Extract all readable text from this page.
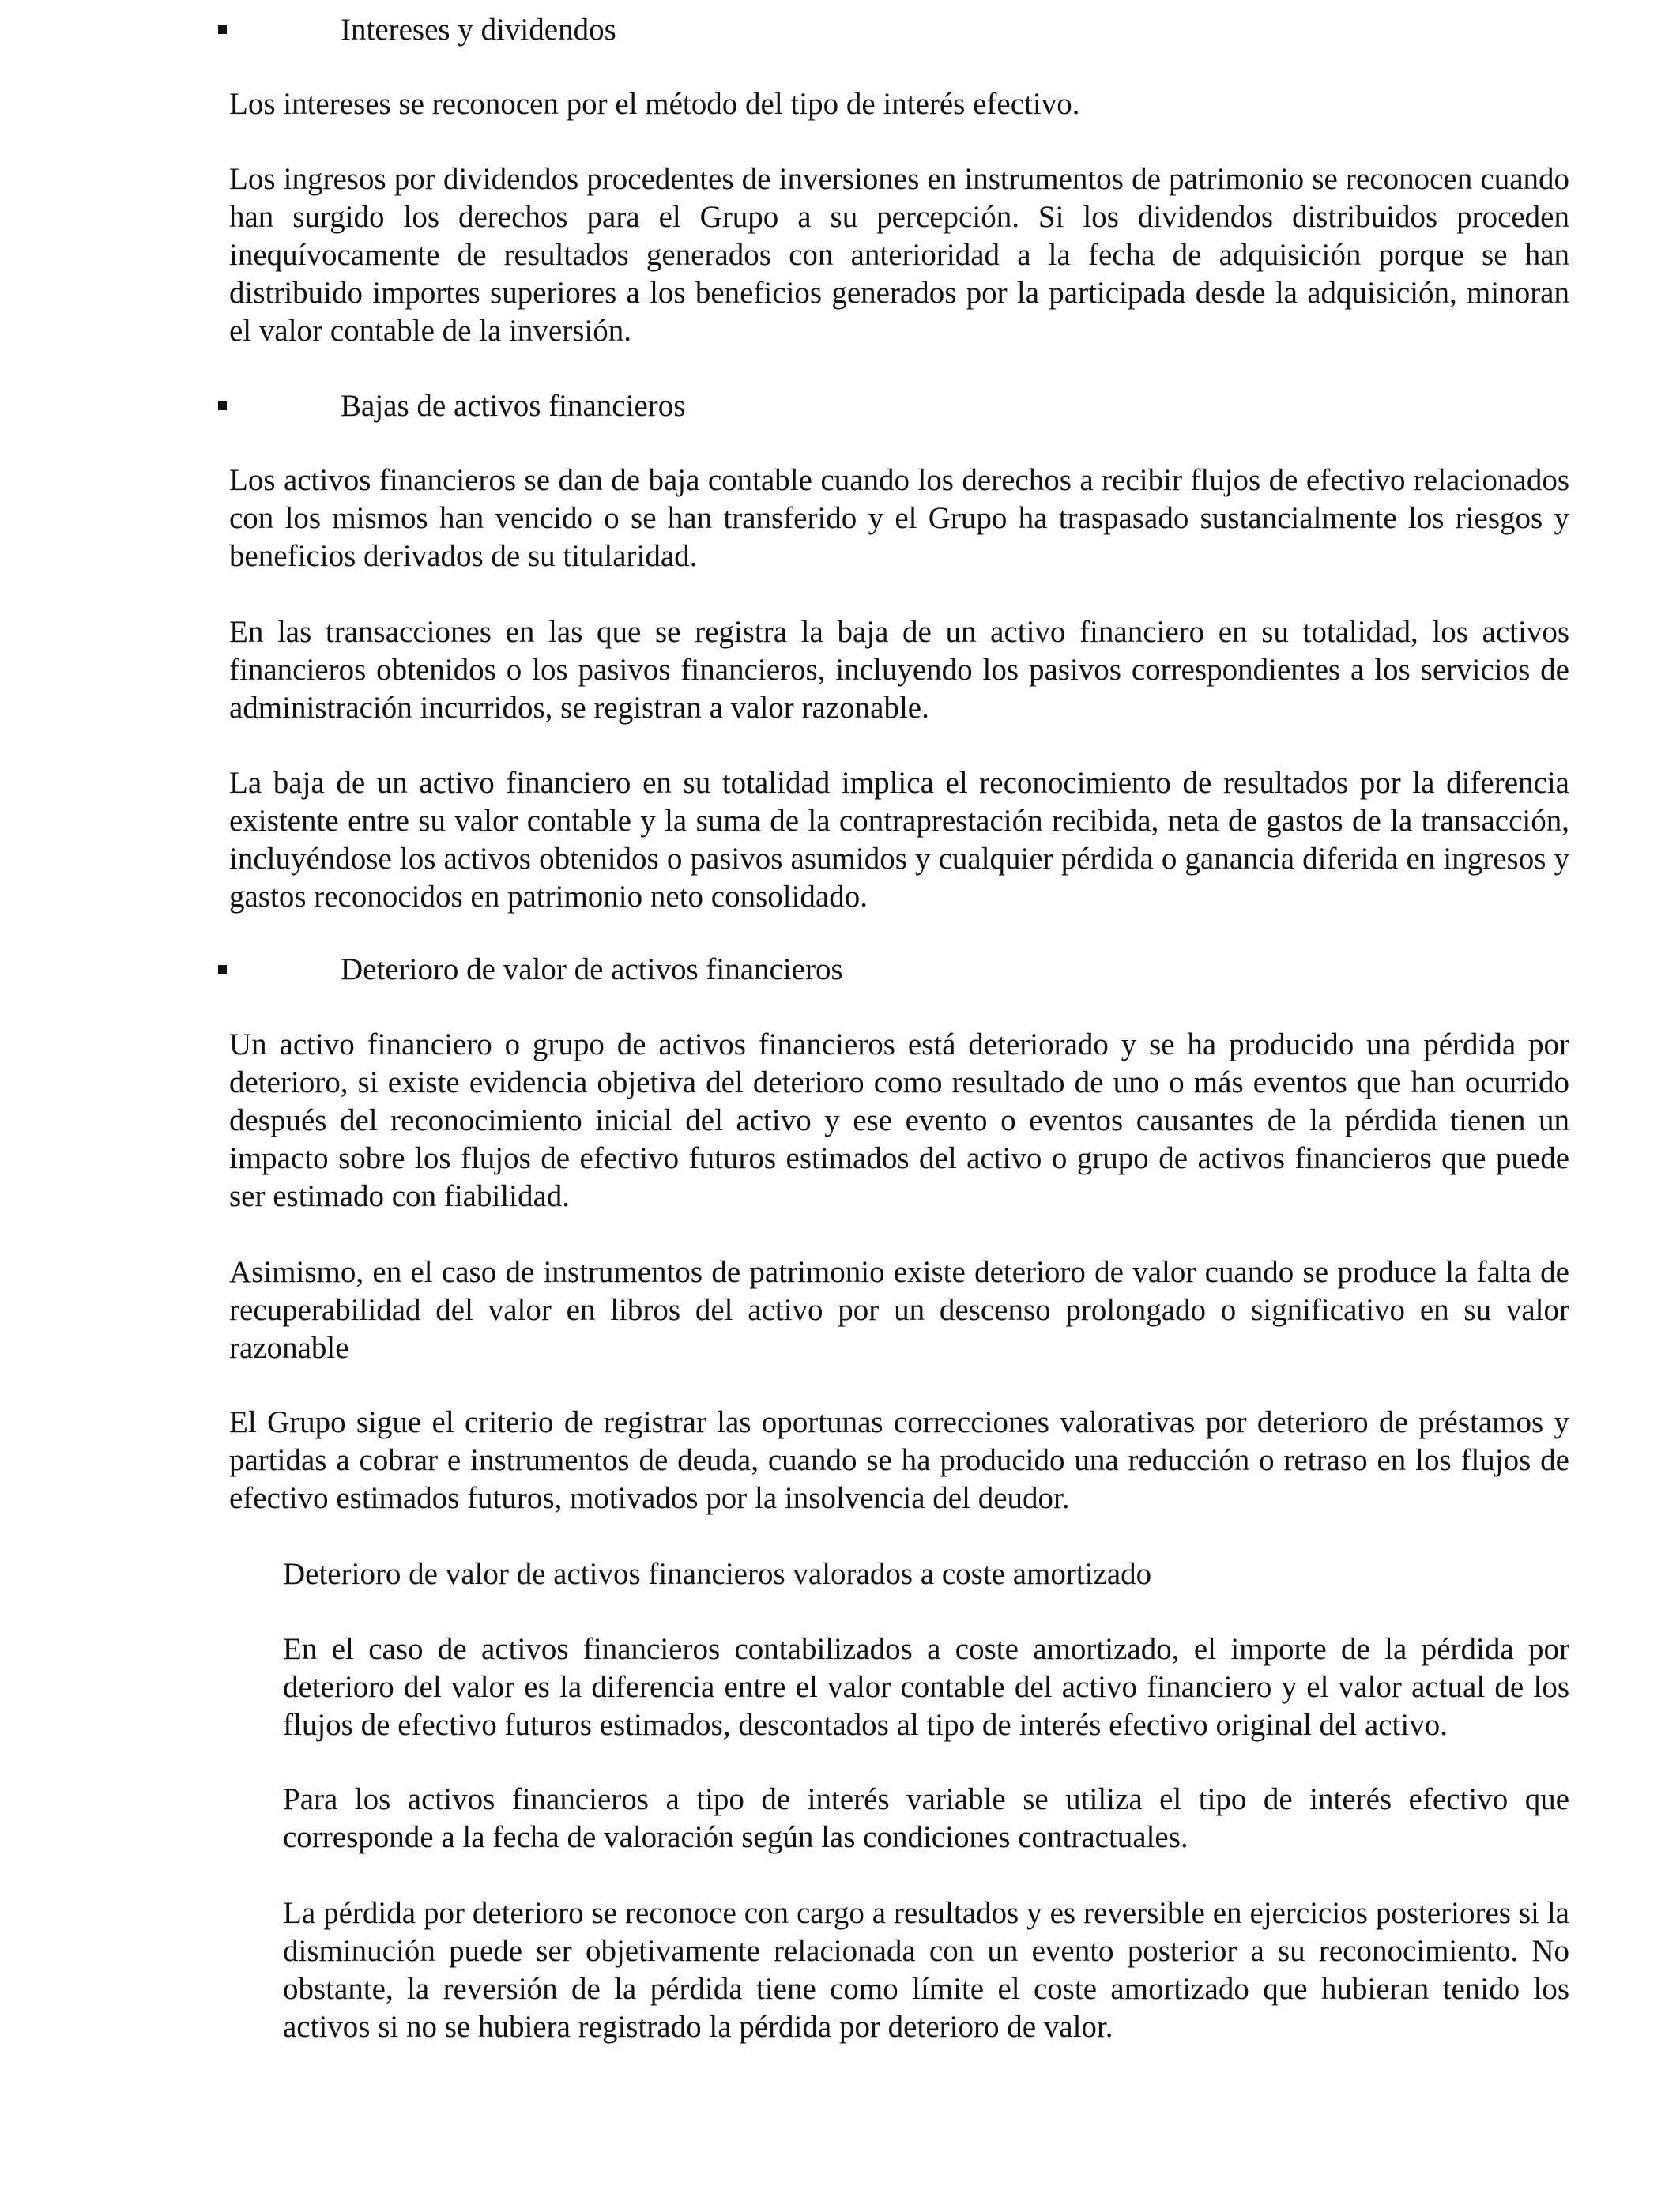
Intereses y dividendos

Los intereses se reconocen por el método del tipo de interés efectivo.

Los ingresos por dividendos procedentes de inversiones en instrumentos de patrimonio se reconocen cuando han surgido los derechos para el Grupo a su percepción. Si los dividendos distribuidos proceden inequívocamente de resultados generados con anterioridad a la fecha de adquisición porque se han distribuido importes superiores a los beneficios generados por la participada desde la adquisición, minoran el valor contable de la inversión.

Bajas de activos financieros

Los activos financieros se dan de baja contable cuando los derechos a recibir flujos de efectivo relacionados con los mismos han vencido o se han transferido y el Grupo ha traspasado sustancialmente los riesgos y beneficios derivados de su titularidad.

En las transacciones en las que se registra la baja de un activo financiero en su totalidad, los activos financieros obtenidos o los pasivos financieros, incluyendo los pasivos correspondientes a los servicios de administración incurridos, se registran a valor razonable.

La baja de un activo financiero en su totalidad implica el reconocimiento de resultados por la diferencia existente entre su valor contable y la suma de la contraprestación recibida, neta de gastos de la transacción, incluyéndose los activos obtenidos o pasivos asumidos y cualquier pérdida o ganancia diferida en ingresos y gastos reconocidos en patrimonio neto consolidado.

Deterioro de valor de activos financieros

Un activo financiero o grupo de activos financieros está deteriorado y se ha producido una pérdida por deterioro, si existe evidencia objetiva del deterioro como resultado de uno o más eventos que han ocurrido después del reconocimiento inicial del activo y ese evento o eventos causantes de la pérdida tienen un impacto sobre los flujos de efectivo futuros estimados del activo o grupo de activos financieros que puede ser estimado con fiabilidad.

Asimismo, en el caso de instrumentos de patrimonio existe deterioro de valor cuando se produce la falta de recuperabilidad del valor en libros del activo por un descenso prolongado o significativo en su valor razonable

El Grupo sigue el criterio de registrar las oportunas correcciones valorativas por deterioro de préstamos y partidas a cobrar e instrumentos de deuda, cuando se ha producido una reducción o retraso en los flujos de efectivo estimados futuros, motivados por la insolvencia del deudor.

Deterioro de valor de activos financieros valorados a coste amortizado

En el caso de activos financieros contabilizados a coste amortizado, el importe de la pérdida por deterioro del valor es la diferencia entre el valor contable del activo financiero y el valor actual de los flujos de efectivo futuros estimados, descontados al tipo de interés efectivo original del activo.

Para los activos financieros a tipo de interés variable se utiliza el tipo de interés efectivo que corresponde a la fecha de valoración según las condiciones contractuales.

La pérdida por deterioro se reconoce con cargo a resultados y es reversible en ejercicios posteriores si la disminución puede ser objetivamente relacionada con un evento posterior a su reconocimiento. No obstante, la reversión de la pérdida tiene como límite el coste amortizado que hubieran tenido los activos si no se hubiera registrado la pérdida por deterioro de valor.
